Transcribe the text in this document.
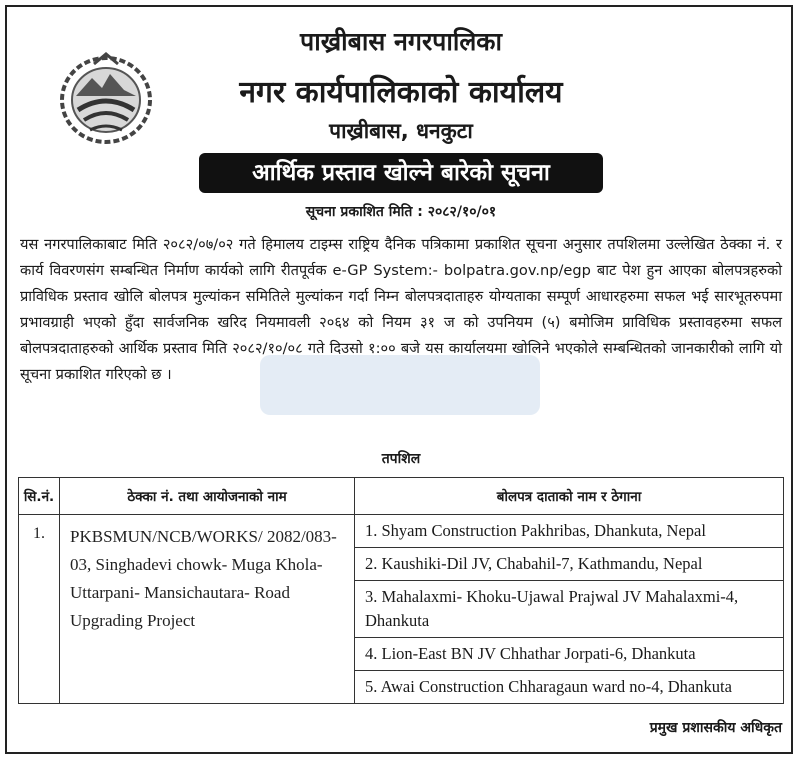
पाख्रीबास नगरपालिका
नगर कार्यपालिकाको कार्यालय
पाख्रीबास, धनकुटा
आर्थिक प्रस्ताव खोल्ने बारेको सूचना
सूचना प्रकाशित मिति : २०८२/१०/०१
यस नगरपालिकाबाट मिति २०८२/०७/०२ गते हिमालय टाइम्स राष्ट्रिय दैनिक पत्रिकामा प्रकाशित सूचना अनुसार तपशिलमा उल्लेखित ठेक्का नं. र कार्य विवरणसंग सम्बन्धित निर्माण कार्यको लागि रीतपूर्वक e-GP System:- bolpatra.gov.np/egp बाट पेश हुन आएका बोलपत्रहरुको प्राविधिक प्रस्ताव खोलि बोलपत्र मुल्यांकन समितिले मुल्यांकन गर्दा निम्न बोलपत्रदाताहरु योग्यताका सम्पूर्ण आधारहरुमा सफल भई सारभूतरुपमा प्रभावग्राही भएको हुँदा सार्वजनिक खरिद नियमावली २०६४ को नियम ३१ ज को उपनियम (५) बमोजिम प्राविधिक प्रस्तावहरुमा सफल बोलपत्रदाताहरुको आर्थिक प्रस्ताव मिति २०८२/१०/०८ गते दिउसो १:०० बजे यस कार्यालयमा खोलिने भएकोले सम्बन्धितको जानकारीको लागि यो सूचना प्रकाशित गरिएको छ ।
तपशिल
सि.नं.	ठेक्का नं. तथा आयोजनाको नाम	बोलपत्र दाताको नाम र ठेगाना
1.	PKBSMUN/NCB/WORKS/ 2082/083-03, Singhadevi chowk- Muga Khola- Uttarpani- Mansichautara- Road Upgrading Project	1. Shyam Construction Pakhribas, Dhankuta, Nepal
2. Kaushiki-Dil JV, Chabahil-7, Kathmandu, Nepal
3. Mahalaxmi- Khoku-Ujawal Prajwal JV Mahalaxmi-4, Dhankuta
4. Lion-East BN JV Chhathar Jorpati-6, Dhankuta
5. Awai Construction Chharagaun ward no-4, Dhankuta
प्रमुख प्रशासकीय अधिकृत
